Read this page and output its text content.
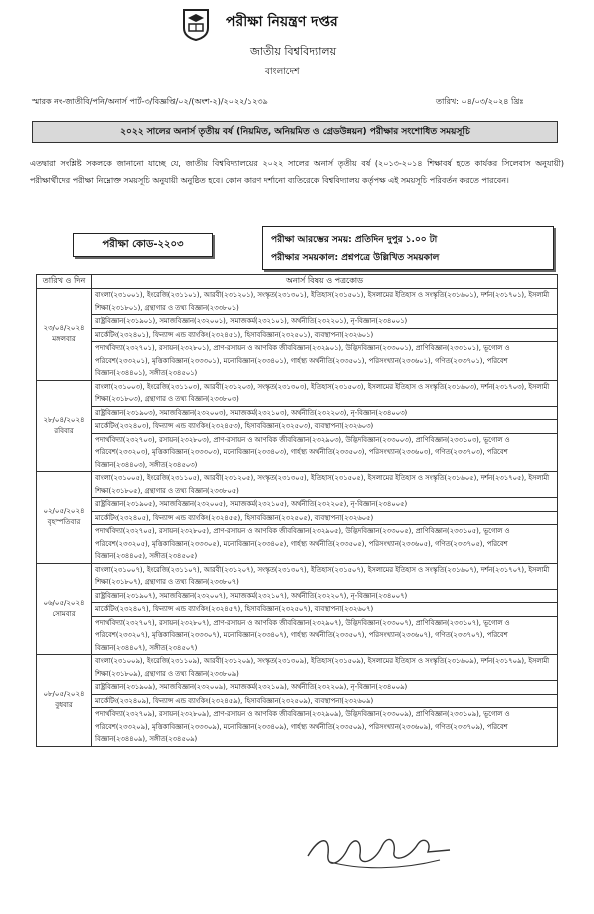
পরীক্ষা নিয়ন্ত্রণ দপ্তর
জাতীয় বিশ্ববিদ্যালয়
বাংলাদেশ
স্মারক নং-জাতীবি/পনি/অনার্স পার্ট-৩/বিজ্ঞপ্তি/০২/(অংশ-২)/২০২২/১২৩৯	তারিখ: ০৪/০৩/২০২৪ খ্রিঃ
২০২২ সালের অনার্স তৃতীয় বর্ষ (নিয়মিত, অনিয়মিত ও গ্রেডউন্নয়ন) পরীক্ষার সংশোধিত সময়সূচি
এতদ্বারা সংশ্লিষ্ট সকলকে জানানো যাচ্ছে যে, জাতীয় বিশ্ববিদ্যালয়ের ২০২২ সালের অনার্স তৃতীয় বর্ষ (২০১৩-২০১৪ শিক্ষাবর্ষ হতে কার্যকর সিলেবাস অনুযায়ী) পরীক্ষার্থীদের পরীক্ষা নিম্নোক্ত সময়সূচি অনুযায়ী অনুষ্ঠিত হবে। কোন কারণ দর্শানো ব্যতিরেকে বিশ্ববিদ্যালয় কর্তৃপক্ষ এই সময়সূচি পরিবর্তন করতে পারবেন।
পরীক্ষা কোড-২২০৩	পরীক্ষা আরম্ভের সময়: প্রতিদিন দুপুর ১.০০ টা
পরীক্ষার সময়কাল: প্রশ্নপত্রে উল্লিখিত সময়কাল
তারিখ ও দিন	অনার্স বিষয় ও পত্রকোড

২৩/০৪/২০২৪
মঙ্গলবার	বাংলা(২৩১০০১), ইংরেজি(২৩১১০১), আরবী(২৩১২০১), সংস্কৃত(২৩১৩০১), ইতিহাস(২৩১৫০১), ইসলামের ইতিহাস ও সংস্কৃতি(২৩১৬০১), দর্শন(২৩১৭০১), ইসলামী শিক্ষা(২৩১৮০১), গ্রন্থাগার ও তথ্য বিজ্ঞান(২৩৩৮০১)
	রাষ্ট্রবিজ্ঞান(২৩১৯০১), সমাজবিজ্ঞান(২৩২০০১), সমাজকর্ম(২৩২১০১), অর্থনীতি(২৩২২০১), নৃ-বিজ্ঞান(২৩৪০০১)
	মার্কেটিং(২৩২৪০১), ফিন্যান্স এন্ড ব্যাংকিং(২৩২৪৫১), হিসাববিজ্ঞান(২৩২৫০১), ব্যবস্থাপনা(২৩২৬০১)
	পদার্থবিদ্যা(২৩২৭০১), রসায়ন(২৩২৮০১), প্রাণ-রসায়ন ও আণবিক জীববিজ্ঞান(২৩২৯০১), উদ্ভিদবিজ্ঞান(২৩৩০০১), প্রাণিবিজ্ঞান(২৩৩১০১), ভূগোল ও পরিবেশ(২৩৩২০১), মৃত্তিকাবিজ্ঞান(২৩৩৩০১), মনোবিজ্ঞান(২৩৩৪০১), গার্হস্থ্য অর্থনীতি(২৩৩৫০১), পরিসংখ্যান(২৩৩৬০১), গণিত(২৩৩৭০১), পরিবেশ বিজ্ঞান(২৩৪৪০১), সঙ্গীত(২৩৪৫০১)

২৮/০৪/২০২৪
রবিবার	বাংলা(২৩১০০৩), ইংরেজি(২৩১১০৩), আরবী(২৩১২০৩), সংস্কৃত(২৩১৩০৩), ইতিহাস(২৩১৫০৩), ইসলামের ইতিহাস ও সংস্কৃতি(২৩১৬০৩), দর্শন(২৩১৭০৩), ইসলামী শিক্ষা(২৩১৮০৩), গ্রন্থাগার ও তথ্য বিজ্ঞান(২৩৩৮০৩)
	রাষ্ট্রবিজ্ঞান(২৩১৯০৩), সমাজবিজ্ঞান(২৩২০০৩), সমাজকর্ম(২৩২১০৩), অর্থনীতি(২৩২২০৩), নৃ-বিজ্ঞান(২৩৪০০৩)
	মার্কেটিং(২৩২৪০৩), ফিন্যান্স এন্ড ব্যাংকিং(২৩২৪৫৩), হিসাববিজ্ঞান(২৩২৫০৩), ব্যবস্থাপনা(২৩২৬০৩)
	পদার্থবিদ্যা(২৩২৭০৩), রসায়ন(২৩২৮০৩), প্রাণ-রসায়ন ও আণবিক জীববিজ্ঞান(২৩২৯০৩), উদ্ভিদবিজ্ঞান(২৩৩০০৩), প্রাণিবিজ্ঞান(২৩৩১০৩), ভূগোল ও পরিবেশ(২৩৩২০৩), মৃত্তিকাবিজ্ঞান(২৩৩৩০৩), মনোবিজ্ঞান(২৩৩৪০৩), গার্হস্থ্য অর্থনীতি(২৩৩৫০৩), পরিসংখ্যান(২৩৩৬০৩), গণিত(২৩৩৭০৩), পরিবেশ বিজ্ঞান(২৩৪৪০৩), সঙ্গীত(২৩৪৫০৩)

০২/০৫/২০২৪
বৃহস্পতিবার	বাংলা(২৩১০০৫), ইংরেজি(২৩১১০৫), আরবী(২৩১২০৫), সংস্কৃত(২৩১৩০৫), ইতিহাস(২৩১৫০৫), ইসলামের ইতিহাস ও সংস্কৃতি(২৩১৬০৫), দর্শন(২৩১৭০৫), ইসলামী শিক্ষা(২৩১৮০৫), গ্রন্থাগার ও তথ্য বিজ্ঞান(২৩৩৮০৫)
	রাষ্ট্রবিজ্ঞান(২৩১৯০৫), সমাজবিজ্ঞান(২৩২০০৫), সমাজকর্ম(২৩২১০৫), অর্থনীতি(২৩২২০৫), নৃ-বিজ্ঞান(২৩৪০০৫)
	মার্কেটিং(২৩২৪০৫), ফিন্যান্স এন্ড ব্যাংকিং(২৩২৪৫৫), হিসাববিজ্ঞান(২৩২৫০৫), ব্যবস্থাপনা(২৩২৬০৫)
	পদার্থবিদ্যা(২৩২৭০৫), রসায়ন(২৩২৮০৫), প্রাণ-রসায়ন ও আণবিক জীববিজ্ঞান(২৩২৯০৫), উদ্ভিদবিজ্ঞান(২৩৩০০৫), প্রাণিবিজ্ঞান(২৩৩১০৫), ভূগোল ও পরিবেশ(২৩৩২০৫), মৃত্তিকাবিজ্ঞান(২৩৩৩০৫), মনোবিজ্ঞান(২৩৩৪০৫), গার্হস্থ্য অর্থনীতি(২৩৩৫০৫), পরিসংখ্যান(২৩৩৬০৫), গণিত(২৩৩৭০৫), পরিবেশ বিজ্ঞান(২৩৪৪০৫), সঙ্গীত(২৩৪৫০৫)

০৬/০৫/২০২৪
সোমবার	বাংলা(২৩১০০৭), ইংরেজি(২৩১১০৭), আরবী(২৩১২০৭), সংস্কৃত(২৩১৩০৭), ইতিহাস(২৩১৫০৭), ইসলামের ইতিহাস ও সংস্কৃতি(২৩১৬০৭), দর্শন(২৩১৭০৭), ইসলামী শিক্ষা(২৩১৮০৭), গ্রন্থাগার ও তথ্য বিজ্ঞান(২৩৩৮০৭)
	রাষ্ট্রবিজ্ঞান(২৩১৯০৭), সমাজবিজ্ঞান(২৩২০০৭), সমাজকর্ম(২৩২১০৭), অর্থনীতি(২৩২২০৭), নৃ-বিজ্ঞান(২৩৪০০৭)
	মার্কেটিং(২৩২৪০৭), ফিন্যান্স এন্ড ব্যাংকিং(২৩২৪৫৭), হিসাববিজ্ঞান(২৩২৫০৭), ব্যবস্থাপনা(২৩২৬০৭)
	পদার্থবিদ্যা(২৩২৭০৭), রসায়ন(২৩২৮০৭), প্রাণ-রসায়ন ও আণবিক জীববিজ্ঞান(২৩২৯০৭), উদ্ভিদবিজ্ঞান(২৩৩০০৭), প্রাণিবিজ্ঞান(২৩৩১০৭), ভূগোল ও পরিবেশ(২৩৩২০৭), মৃত্তিকাবিজ্ঞান(২৩৩৩০৭), মনোবিজ্ঞান(২৩৩৪০৭), গার্হস্থ্য অর্থনীতি(২৩৩৫০৭), পরিসংখ্যান(২৩৩৬০৭), গণিত(২৩৩৭০৭), পরিবেশ বিজ্ঞান(২৩৪৪০৭), সঙ্গীত(২৩৪৫০৭)

০৮/০৫/২০২৪
বুধবার	বাংলা(২৩১০০৯), ইংরেজি(২৩১১০৯), আরবী(২৩১২০৯), সংস্কৃত(২৩১৩০৯), ইতিহাস(২৩১৫০৯), ইসলামের ইতিহাস ও সংস্কৃতি(২৩১৬০৯), দর্শন(২৩১৭০৯), ইসলামী শিক্ষা(২৩১৮০৯), গ্রন্থাগার ও তথ্য বিজ্ঞান(২৩৩৮০৯)
	রাষ্ট্রবিজ্ঞান(২৩১৯০৯), সমাজবিজ্ঞান(২৩২০০৯), সমাজকর্ম(২৩২১০৯), অর্থনীতি(২৩২২০৯), নৃ-বিজ্ঞান(২৩৪০০৯)
	মার্কেটিং(২৩২৪০৯), ফিন্যান্স এন্ড ব্যাংকিং(২৩২৪৫৯), হিসাববিজ্ঞান(২৩২৫০৯), ব্যবস্থাপনা(২৩২৬০৯)
	পদার্থবিদ্যা(২৩২৭০৯), রসায়ন(২৩২৮০৯), প্রাণ-রসায়ন ও আণবিক জীববিজ্ঞান(২৩২৯০৯), উদ্ভিদবিজ্ঞান(২৩৩০০৯), প্রাণিবিজ্ঞান(২৩৩১০৯), ভূগোল ও পরিবেশ(২৩৩২০৯), মৃত্তিকাবিজ্ঞান(২৩৩৩০৯), মনোবিজ্ঞান(২৩৩৪০৯), গার্হস্থ্য অর্থনীতি(২৩৩৫০৯), পরিসংখ্যান(২৩৩৬০৯), গণিত(২৩৩৭০৯), পরিবেশ বিজ্ঞান(২৩৪৪০৯), সঙ্গীত(২৩৪৫০৯)
